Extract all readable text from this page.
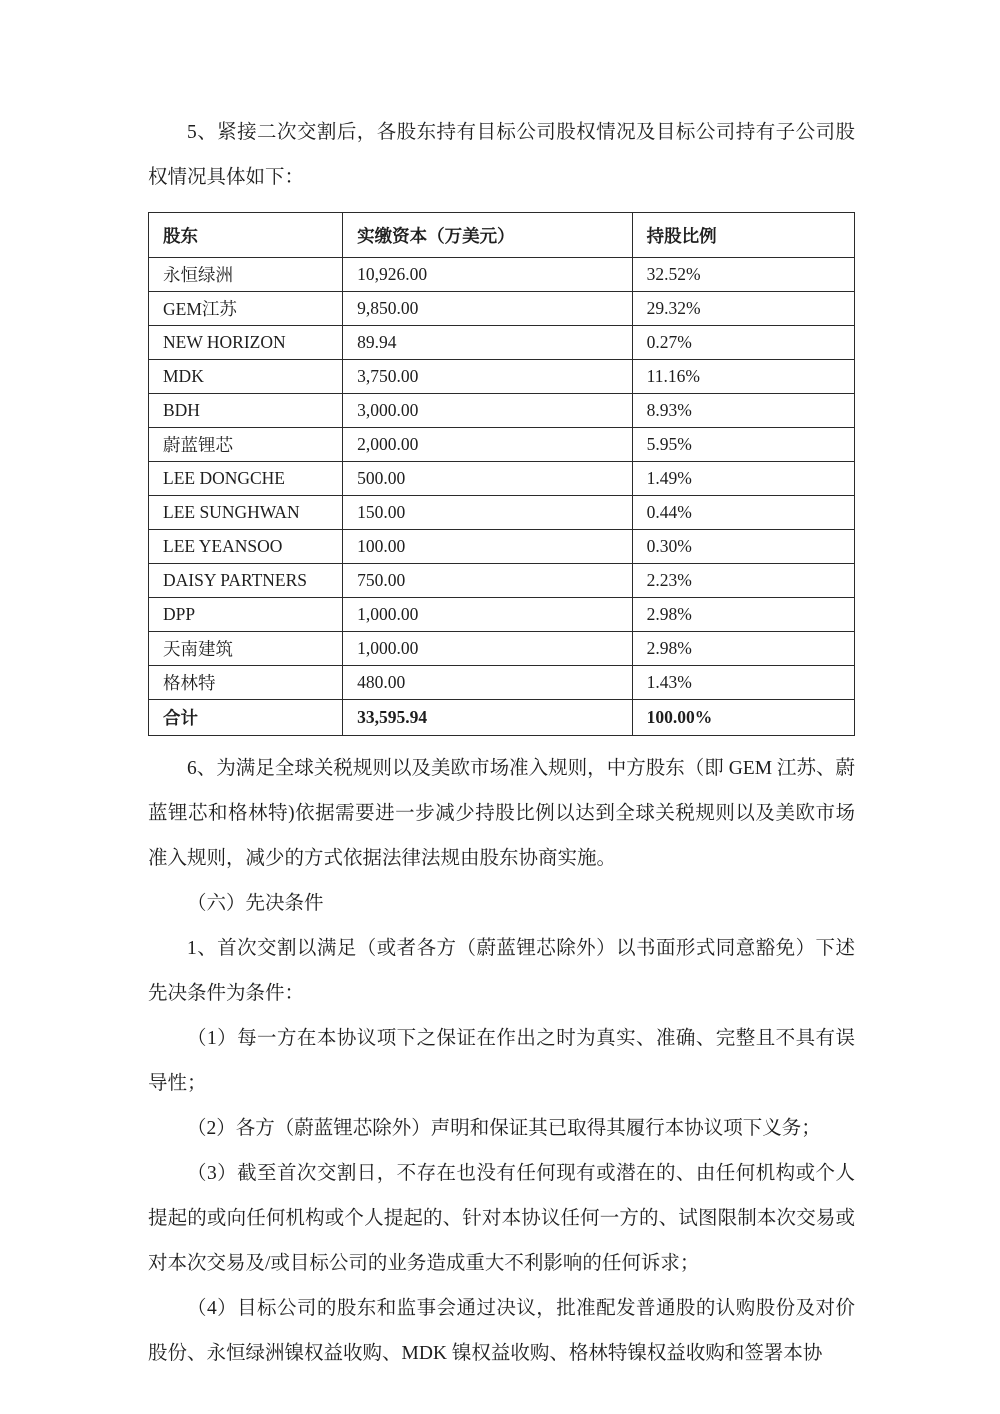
5、紧接二次交割后，各股东持有目标公司股权情况及目标公司持有子公司股权情况具体如下：

股东	实缴资本（万美元）	持股比例
永恒绿洲	10,926.00	32.52%
GEM江苏	9,850.00	29.32%
NEW HORIZON	89.94	0.27%
MDK	3,750.00	11.16%
BDH	3,000.00	8.93%
蔚蓝锂芯	2,000.00	5.95%
LEE DONGCHE	500.00	1.49%
LEE SUNGHWAN	150.00	0.44%
LEE YEANSOO	100.00	0.30%
DAISY PARTNERS	750.00	2.23%
DPP	1,000.00	2.98%
天南建筑	1,000.00	2.98%
格林特	480.00	1.43%
合计	33,595.94	100.00%

6、为满足全球关税规则以及美欧市场准入规则，中方股东（即 GEM 江苏、蔚蓝锂芯和格林特)依据需要进一步减少持股比例以达到全球关税规则以及美欧市场准入规则，减少的方式依据法律法规由股东协商实施。

（六）先决条件

1、首次交割以满足（或者各方（蔚蓝锂芯除外）以书面形式同意豁免）下述先决条件为条件：

（1）每一方在本协议项下之保证在作出之时为真实、准确、完整且不具有误导性；

（2）各方（蔚蓝锂芯除外）声明和保证其已取得其履行本协议项下义务；

（3）截至首次交割日，不存在也没有任何现有或潜在的、由任何机构或个人提起的或向任何机构或个人提起的、针对本协议任何一方的、试图限制本次交易或对本次交易及/或目标公司的业务造成重大不利影响的任何诉求；

（4）目标公司的股东和监事会通过决议，批准配发普通股的认购股份及对价股份、永恒绿洲镍权益收购、MDK 镍权益收购、格林特镍权益收购和签署本协
